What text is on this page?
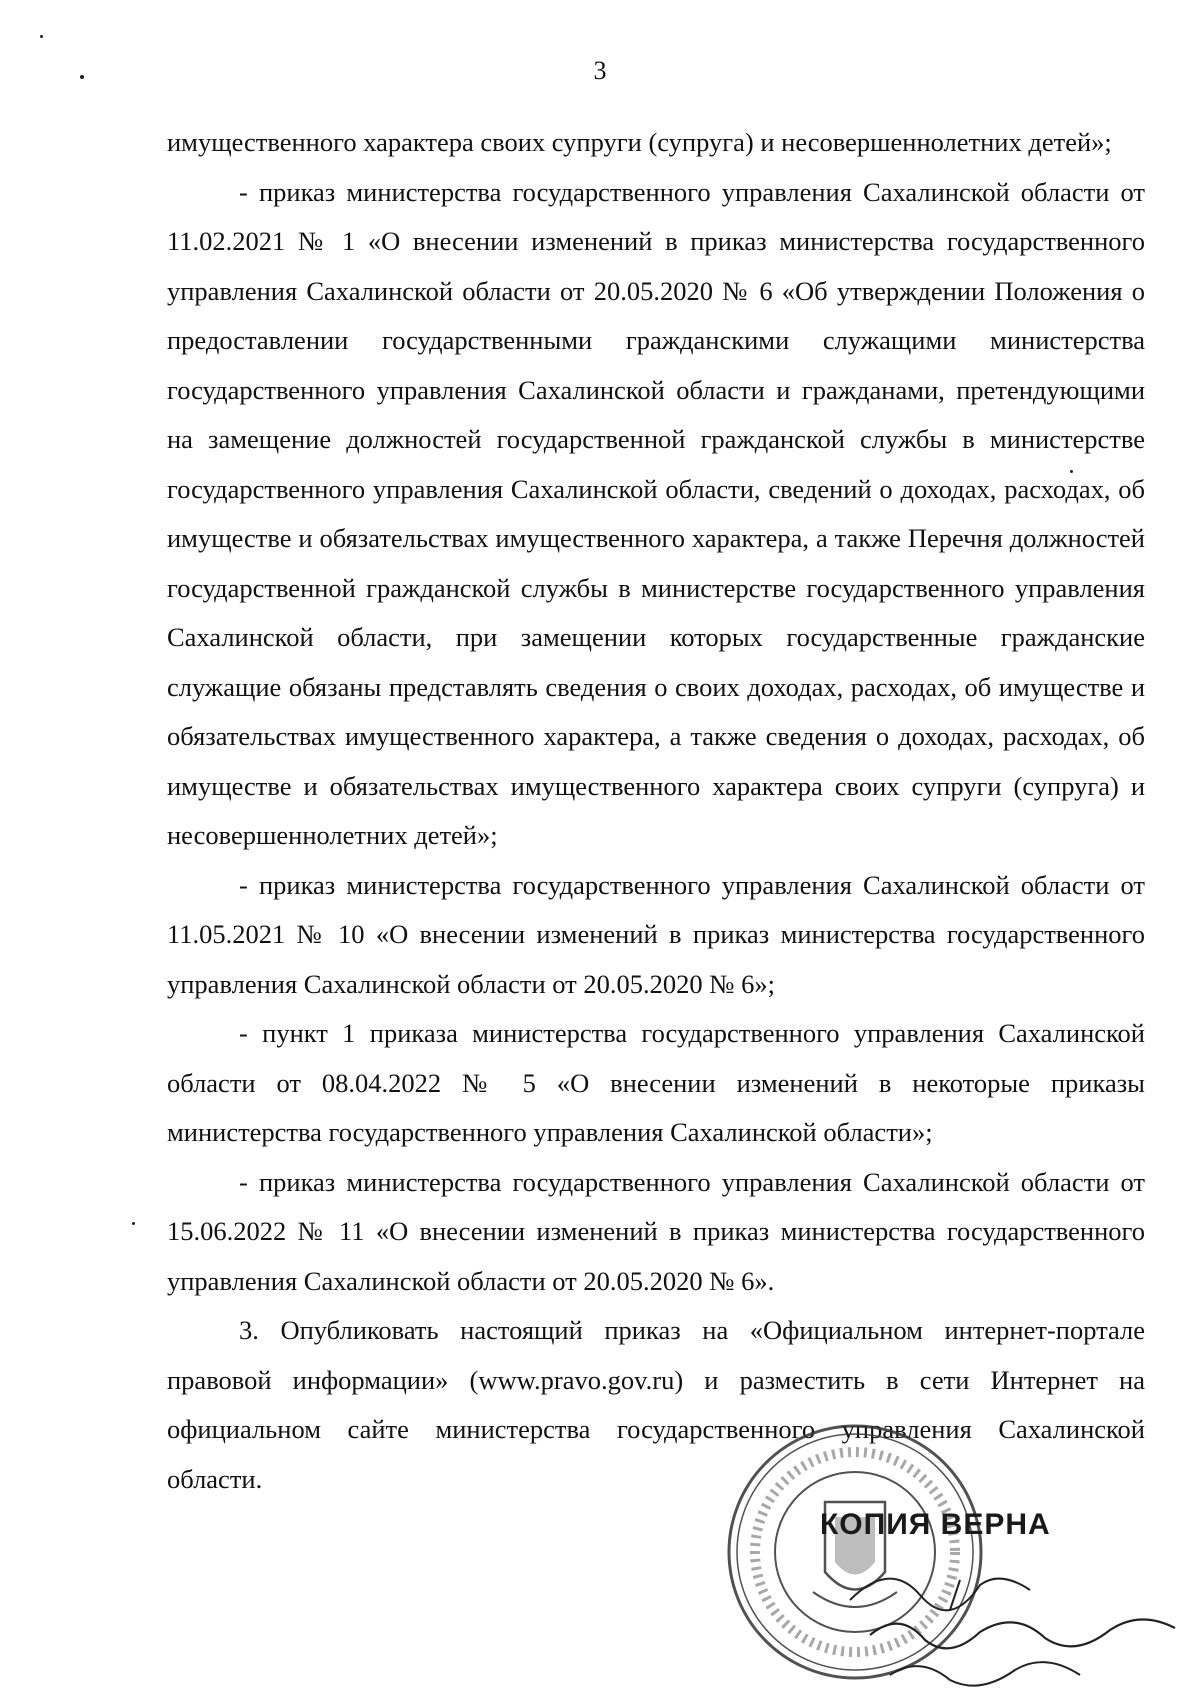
3

имущественного характера своих супруги (супруга) и несовершеннолетних детей»;

- приказ министерства государственного управления Сахалинской области от 11.02.2021 № 1 «О внесении изменений в приказ министерства государственного управления Сахалинской области от 20.05.2020 № 6 «Об утверждении Положения о предоставлении государственными гражданскими служащими министерства государственного управления Сахалинской области и гражданами, претендующими на замещение должностей государственной гражданской службы в министерстве государственного управления Сахалинской области, сведений о доходах, расходах, об имуществе и обязательствах имущественного характера, а также Перечня должностей государственной гражданской службы в министерстве государственного управления Сахалинской области, при замещении которых государственные гражданские служащие обязаны представлять сведения о своих доходах, расходах, об имуществе и обязательствах имущественного характера, а также сведения о доходах, расходах, об имуществе и обязательствах имущественного характера своих супруги (супруга) и несовершеннолетних детей»;

- приказ министерства государственного управления Сахалинской области от 11.05.2021 № 10 «О внесении изменений в приказ министерства государственного управления Сахалинской области от 20.05.2020 № 6»;

- пункт 1 приказа министерства государственного управления Сахалинской области от 08.04.2022 № 5 «О внесении изменений в некоторые приказы министерства государственного управления Сахалинской области»;

- приказ министерства государственного управления Сахалинской области от 15.06.2022 № 11 «О внесении изменений в приказ министерства государственного управления Сахалинской области от 20.05.2020 № 6».

3. Опубликовать настоящий приказ на «Официальном интернет-портале правовой информации» (www.pravo.gov.ru) и разместить в сети Интернет на официальном сайте министерства государственного управления Сахалинской области.

КОПИЯ ВЕРНА
